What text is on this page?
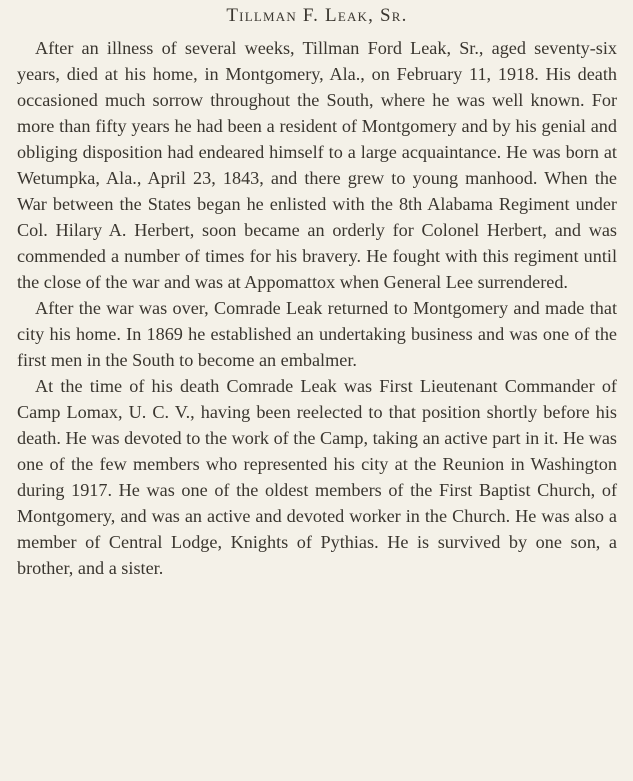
Tillman F. Leak, Sr.

After an illness of several weeks, Tillman Ford Leak, Sr., aged seventy-six years, died at his home, in Montgomery, Ala., on February 11, 1918. His death occasioned much sorrow throughout the South, where he was well known. For more than fifty years he had been a resident of Montgomery and by his genial and obliging disposition had endeared himself to a large acquaintance. He was born at Wetumpka, Ala., April 23, 1843, and there grew to young manhood. When the War between the States began he enlisted with the 8th Alabama Regiment under Col. Hilary A. Herbert, soon became an orderly for Colonel Herbert, and was commended a number of times for his bravery. He fought with this regiment until the close of the war and was at Appomattox when General Lee surrendered.

After the war was over, Comrade Leak returned to Montgomery and made that city his home. In 1869 he established an undertaking business and was one of the first men in the South to become an embalmer.

At the time of his death Comrade Leak was First Lieutenant Commander of Camp Lomax, U. C. V., having been reelected to that position shortly before his death. He was devoted to the work of the Camp, taking an active part in it. He was one of the few members who represented his city at the Reunion in Washington during 1917. He was one of the oldest members of the First Baptist Church, of Montgomery, and was an active and devoted worker in the Church. He was also a member of Central Lodge, Knights of Pythias. He is survived by one son, a brother, and a sister.
